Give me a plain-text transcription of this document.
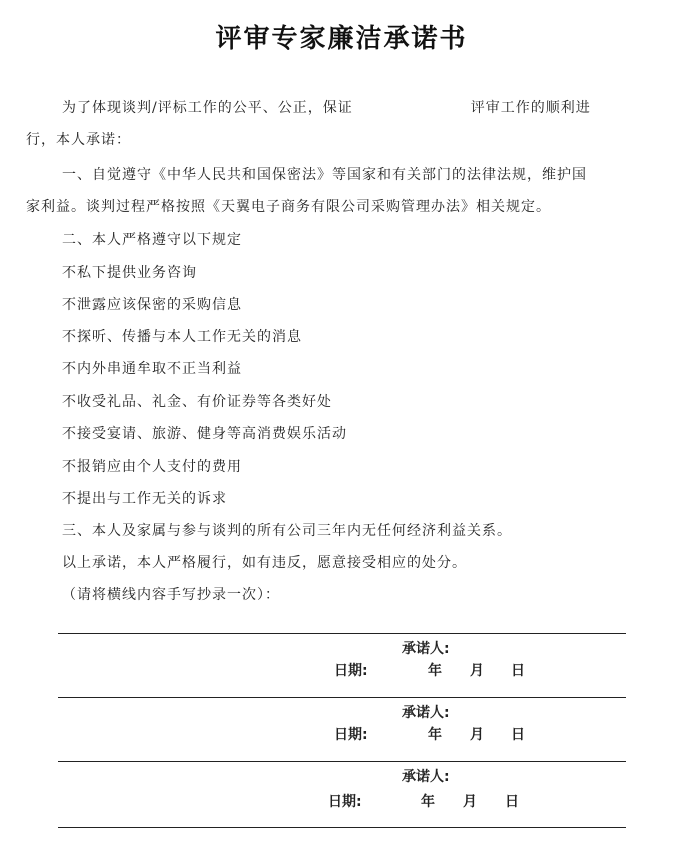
评审专家廉洁承诺书
为了体现谈判/评标工作的公平、公正，保证	评审工作的顺利进
行，本人承诺：
一、自觉遵守《中华人民共和国保密法》等国家和有关部门的法律法规，维护国
家利益。谈判过程严格按照《天翼电子商务有限公司采购管理办法》相关规定。
二、本人严格遵守以下规定
不私下提供业务咨询
不泄露应该保密的采购信息
不探听、传播与本人工作无关的消息
不内外串通牟取不正当利益
不收受礼品、礼金、有价证券等各类好处
不接受宴请、旅游、健身等高消费娱乐活动
不报销应由个人支付的费用
不提出与工作无关的诉求
三、本人及家属与参与谈判的所有公司三年内无任何经济利益关系。
以上承诺，本人严格履行，如有违反，愿意接受相应的处分。
（请将横线内容手写抄录一次）：
承诺人:
日期:	年 月 日
承诺人:
日期:	年 月 日
承诺人:
日期:	年 月 日
